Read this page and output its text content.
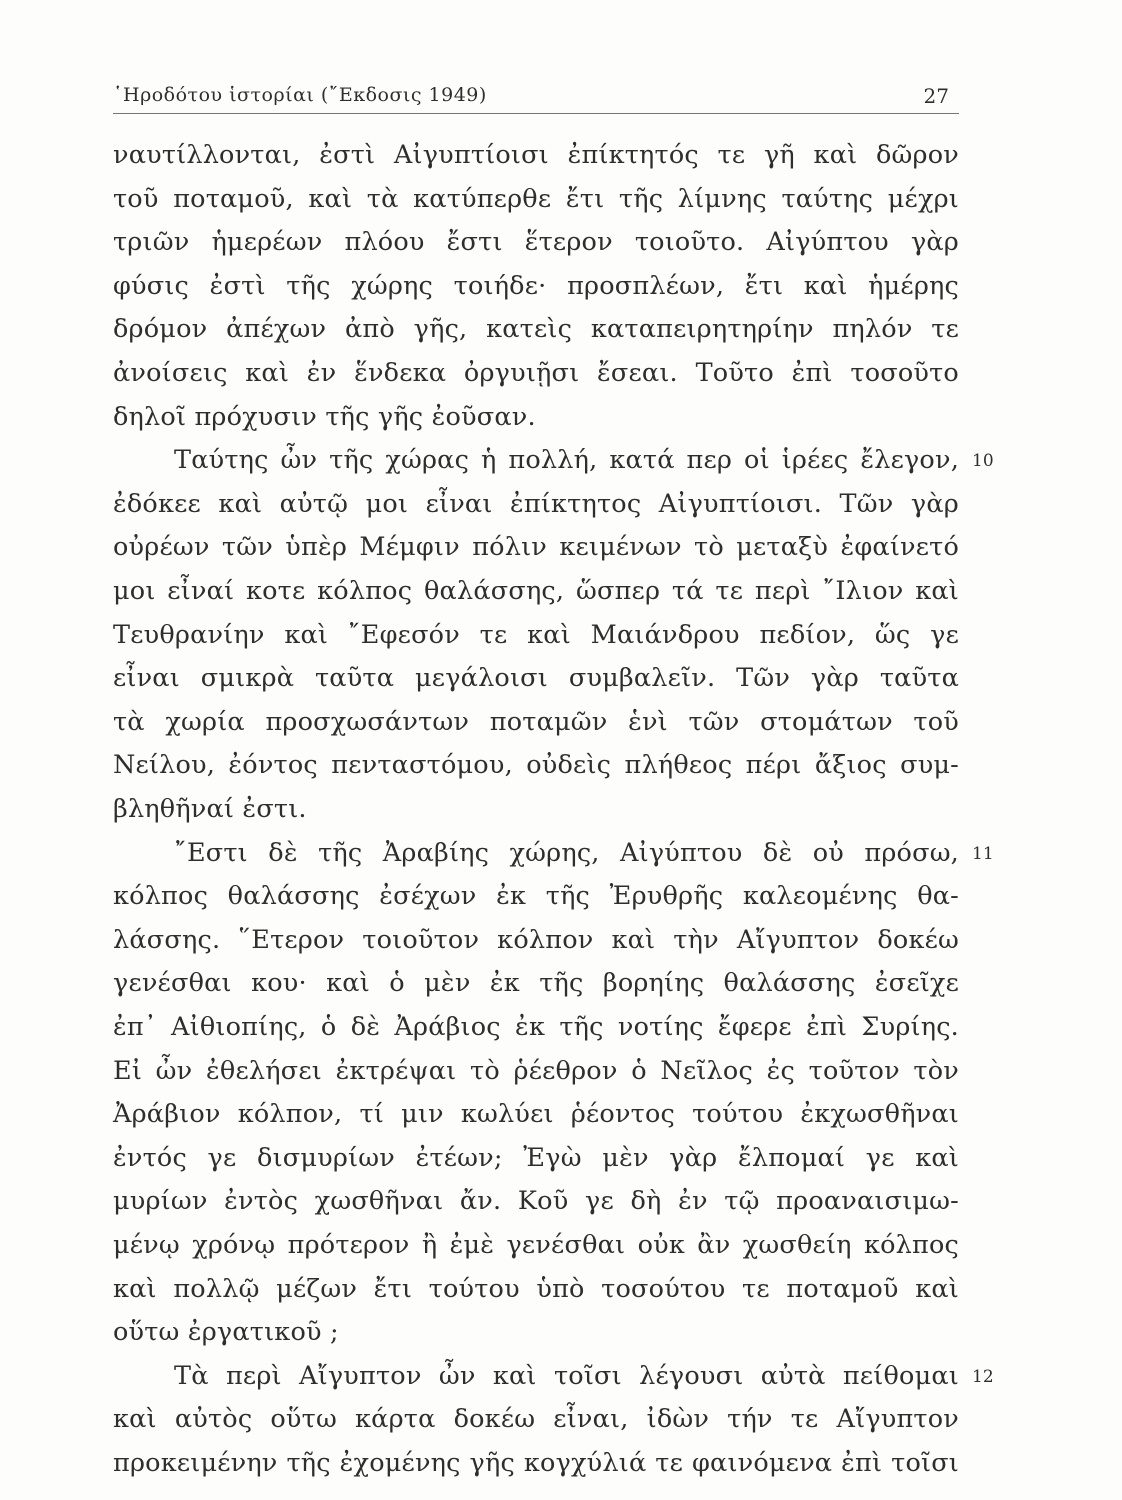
῾Ηροδότου ἱστορίαι (῎Εκδοσις 1949)	27
ναυτίλλονται, ἐστὶ Αἰγυπτίοισι ἐπίκτητός τε γῆ καὶ δῶρον
τοῦ ποταμοῦ, καὶ τὰ κατύπερθε ἔτι τῆς λίμνης ταύτης μέχρι
τριῶν ἡμερέων πλόου ἔστι ἕτερον τοιοῦτο. Αἰγύπτου γὰρ
φύσις ἐστὶ τῆς χώρης τοιήδε· προσπλέων, ἔτι καὶ ἡμέρης
δρόμον ἀπέχων ἀπὸ γῆς, κατεὶς καταπειρητηρίην πηλόν τε
ἀνοίσεις καὶ ἐν ἕνδεκα ὀργυιῇσι ἔσεαι. Τοῦτο ἐπὶ τοσοῦτο
δηλοῖ πρόχυσιν τῆς γῆς ἐοῦσαν.
Ταύτης ὦν τῆς χώρας ἡ πολλή, κατά περ οἱ ἱρέες ἔλεγον,
ἐδόκεε καὶ αὐτῷ μοι εἶναι ἐπίκτητος Αἰγυπτίοισι. Τῶν γὰρ
οὐρέων τῶν ὑπὲρ Μέμφιν πόλιν κειμένων τὸ μεταξὺ ἐφαίνετό
μοι εἶναί κοτε κόλπος θαλάσσης, ὥσπερ τά τε περὶ ῎Ιλιον καὶ
Τευθρανίην καὶ ῎Εφεσόν τε καὶ Μαιάνδρου πεδίον, ὥς γε
εἶναι σμικρὰ ταῦτα μεγάλοισι συμβαλεῖν. Τῶν γὰρ ταῦτα
τὰ χωρία προσχωσάντων ποταμῶν ἑνὶ τῶν στομάτων τοῦ
Νείλου, ἐόντος πενταστόμου, οὐδεὶς πλήθεος πέρι ἄξιος συμ-
βληθῆναί ἐστι.
῎Εστι δὲ τῆς Ἀραβίης χώρης, Αἰγύπτου δὲ οὐ πρόσω,
κόλπος θαλάσσης ἐσέχων ἐκ τῆς Ἐρυθρῆς καλεομένης θα-
λάσσης. ῞Ετερον τοιοῦτον κόλπον καὶ τὴν Αἴγυπτον δοκέω
γενέσθαι κου· καὶ ὁ μὲν ἐκ τῆς βορηίης θαλάσσης ἐσεῖχε
ἐπ᾽ Αἰθιοπίης, ὁ δὲ Ἀράβιος ἐκ τῆς νοτίης ἔφερε ἐπὶ Συρίης.
Εἰ ὦν ἐθελήσει ἐκτρέψαι τὸ ῥέεθρον ὁ Νεῖλος ἐς τοῦτον τὸν
Ἀράβιον κόλπον, τί μιν κωλύει ῥέοντος τούτου ἐκχωσθῆναι
ἐντός γε δισμυρίων ἐτέων; Ἐγὼ μὲν γὰρ ἔλπομαί γε καὶ
μυρίων ἐντὸς χωσθῆναι ἄν. Κοῦ γε δὴ ἐν τῷ προαναισιμω-
μένῳ χρόνῳ πρότερον ἢ ἐμὲ γενέσθαι οὐκ ἂν χωσθείη κόλπος
καὶ πολλῷ μέζων ἔτι τούτου ὑπὸ τοσούτου τε ποταμοῦ καὶ
οὕτω ἐργατικοῦ ;
Τὰ περὶ Αἴγυπτον ὦν καὶ τοῖσι λέγουσι αὐτὰ πείθομαι
καὶ αὐτὸς οὕτω κάρτα δοκέω εἶναι, ἰδὼν τήν τε Αἴγυπτον
προκειμένην τῆς ἐχομένης γῆς κογχύλιά τε φαινόμενα ἐπὶ τοῖσι
10
11
12
